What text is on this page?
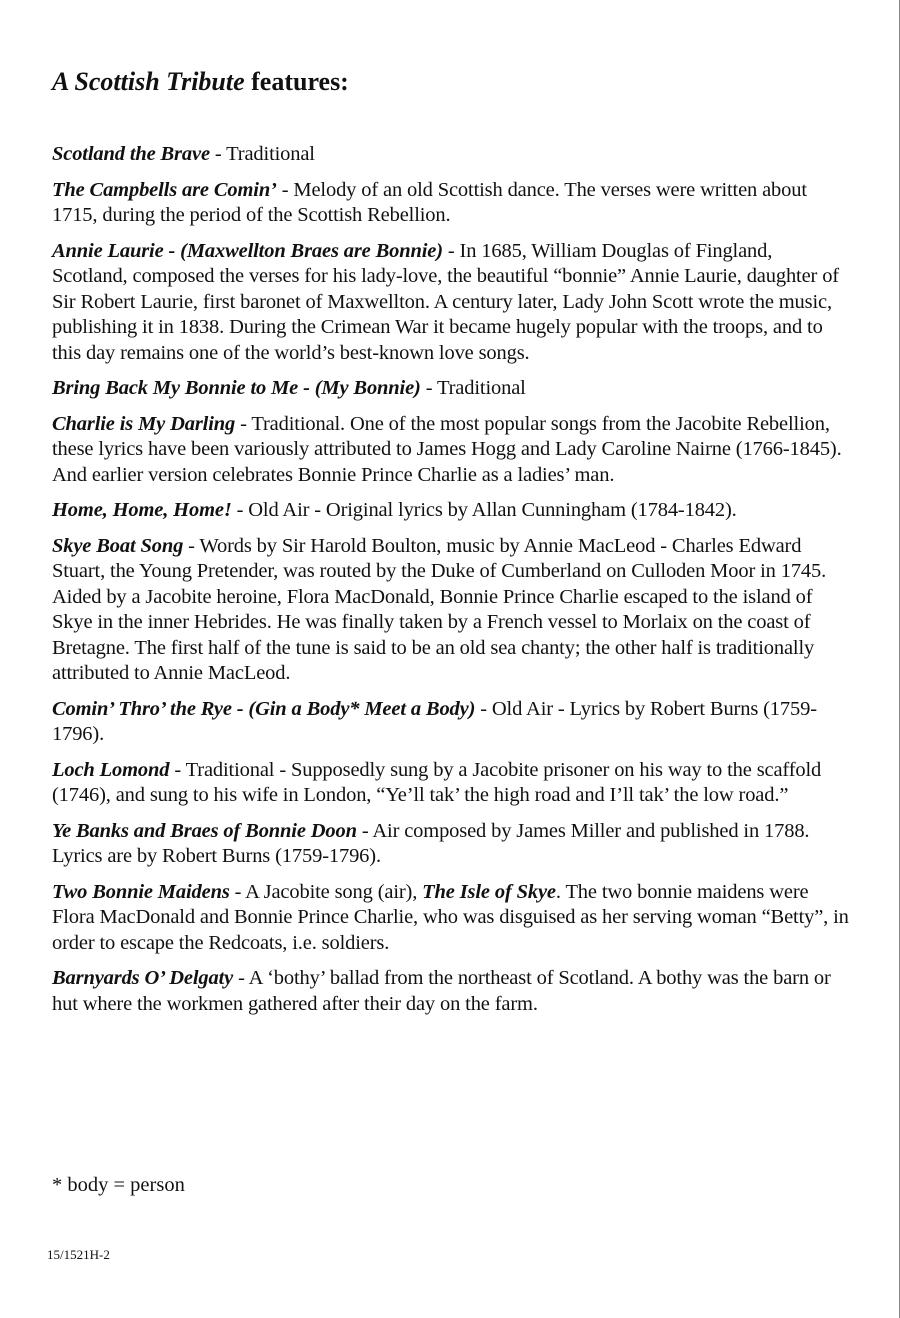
A Scottish Tribute features:

Scotland the Brave - Traditional

The Campbells are Comin’ - Melody of an old Scottish dance. The verses were written about 1715, during the period of the Scottish Rebellion.

Annie Laurie - (Maxwellton Braes are Bonnie) - In 1685, William Douglas of Fingland, Scotland, composed the verses for his lady-love, the beautiful “bonnie” Annie Laurie, daughter of Sir Robert Laurie, first baronet of Maxwellton. A century later, Lady John Scott wrote the music, publishing it in 1838. During the Crimean War it became hugely popular with the troops, and to this day remains one of the world’s best-known love songs.

Bring Back My Bonnie to Me - (My Bonnie) - Traditional

Charlie is My Darling - Traditional. One of the most popular songs from the Jacobite Rebellion, these lyrics have been variously attributed to James Hogg and Lady Caroline Nairne (1766-1845). And earlier version celebrates Bonnie Prince Charlie as a ladies’ man.

Home, Home, Home! - Old Air - Original lyrics by Allan Cunningham (1784-1842).

Skye Boat Song - Words by Sir Harold Boulton, music by Annie MacLeod - Charles Edward Stuart, the Young Pretender, was routed by the Duke of Cumberland on Culloden Moor in 1745. Aided by a Jacobite heroine, Flora MacDonald, Bonnie Prince Charlie escaped to the island of Skye in the inner Hebrides. He was finally taken by a French vessel to Morlaix on the coast of Bretagne. The first half of the tune is said to be an old sea chanty; the other half is traditionally attributed to Annie MacLeod.

Comin’ Thro’ the Rye - (Gin a Body* Meet a Body) - Old Air - Lyrics by Robert Burns (1759-1796).

Loch Lomond - Traditional - Supposedly sung by a Jacobite prisoner on his way to the scaffold (1746), and sung to his wife in London, “Ye’ll tak’ the high road and I’ll tak’ the low road.”

Ye Banks and Braes of Bonnie Doon - Air composed by James Miller and published in 1788. Lyrics are by Robert Burns (1759-1796).

Two Bonnie Maidens - A Jacobite song (air), The Isle of Skye. The two bonnie maidens were Flora MacDonald and Bonnie Prince Charlie, who was disguised as her serving woman “Betty”, in order to escape the Redcoats, i.e. soldiers.

Barnyards O’ Delgaty - A ‘bothy’ ballad from the northeast of Scotland. A bothy was the barn or hut where the workmen gathered after their day on the farm.

* body = person

15/1521H-2
